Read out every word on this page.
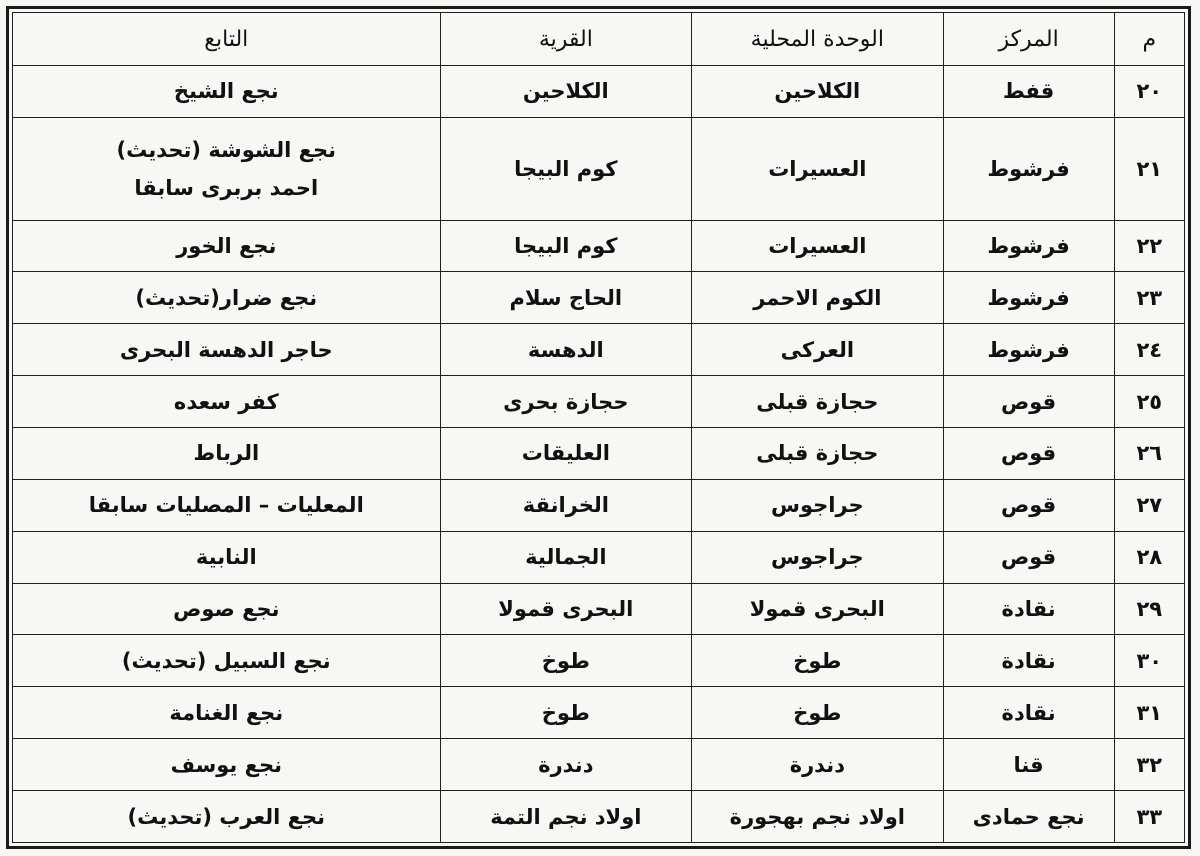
م	المركز	الوحدة المحلية	القرية	التابع
٢٠	قفط	الكلاحين	الكلاحين	نجع الشيخ

٢١	فرشوط	العسيرات	كوم البيجا	نجع الشوشة (تحديث)
احمد بربرى سابقا

٢٢	فرشوط	العسيرات	كوم البيجا	نجع الخور

٢٣	فرشوط	الكوم الاحمر	الحاج سلام	نجع ضرار(تحديث)

٢٤	فرشوط	العركى	الدهسة	حاجر الدهسة البحرى

٢٥	قوص	حجازة قبلى	حجازة بحرى	كفر سعده

٢٦	قوص	حجازة قبلى	العليقات	الرباط

٢٧	قوص	جراجوس	الخرانقة	المعليات – المصليات سابقا

٢٨	قوص	جراجوس	الجمالية	النابية

٢٩	نقادة	البحرى قمولا	البحرى قمولا	نجع صوص

٣٠	نقادة	طوخ	طوخ	نجع السبيل (تحديث)

٣١	نقادة	طوخ	طوخ	نجع الغنامة

٣٢	قنا	دندرة	دندرة	نجع يوسف

٣٣	نجع حمادى	اولاد نجم بهجورة	اولاد نجم التمة	نجع العرب (تحديث)
